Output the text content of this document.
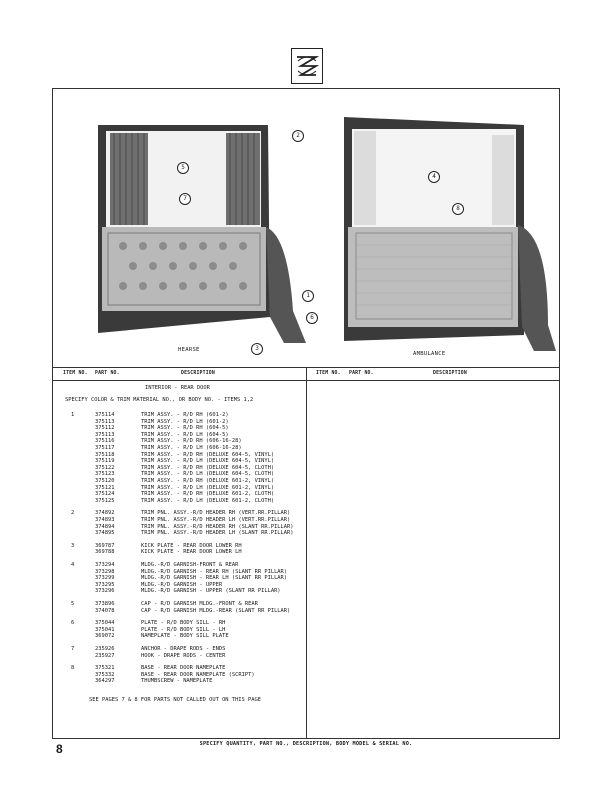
HEARSE
AMBULANCE
2
5
7
1
6
3
4
8
ITEM NO. PART NO.	DESCRIPTION	ITEM NO. PART NO.	DESCRIPTION
INTERIOR - REAR DOOR
SPECIFY COLOR & TRIM MATERIAL NO., OR BODY NO. - ITEMS 1,2
1	375114	TRIM ASSY. - R/D RH (601-2)
375113	TRIM ASSY. - R/D LH (601-2)
375112	TRIM ASSY. - R/D RH (604-5)
375113	TRIM ASSY. - R/D LH (604-5)
375116	TRIM ASSY. - R/D RH (606-16-28)
375117	TRIM ASSY. - R/D LH (606-16-28)
375118	TRIM ASSY. - R/D RH (DELUXE 604-5, VINYL)
375119	TRIM ASSY. - R/D LH (DELUXE 604-5, VINYL)
375122	TRIM ASSY. - R/D RH (DELUXE 604-5, CLOTH)
375123	TRIM ASSY. - R/D LH (DELUXE 604-5, CLOTH)
375120	TRIM ASSY. - R/D RH (DELUXE 601-2, VINYL)
375121	TRIM ASSY. - R/D LH (DELUXE 601-2, VINYL)
375124	TRIM ASSY. - R/D RH (DELUXE 601-2, CLOTH)
375125	TRIM ASSY. - R/D LH (DELUXE 601-2, CLOTH)
2	374892	TRIM PNL. ASSY.-R/D HEADER RH (VERT.RR.PILLAR)
374893	TRIM PNL. ASSY.-R/D HEADER LH (VERT.RR.PILLAR)
374894	TRIM PNL. ASSY.-R/D HEADER RH (SLANT RR.PILLAR)
374895	TRIM PNL. ASSY.-R/D HEADER LH (SLANT RR.PILLAR)
3	369787	KICK PLATE - REAR DOOR LOWER RH
369788	KICK PLATE - REAR DOOR LOWER LH
4	373294	MLDG.-R/D GARNISH-FRONT & REAR
373298	MLDG.-R/D GARNISH - REAR RH (SLANT RR PILLAR)
373299	MLDG.-R/D GARNISH - REAR LH (SLANT RR PILLAR)
373295	MLDG.-R/D GARNISH - UPPER
373296	MLDG.-R/D GARNISH - UPPER (SLANT RR PILLAR)
5	373896	CAP - R/D GARNISH MLDG.-FRONT & REAR
374078	CAP - R/D GARNISH MLDG.-REAR (SLANT RR PILLAR)
6	375044	PLATE - R/D BODY SILL - RH
375041	PLATE - R/D BODY SILL - LH
369072	NAMEPLATE - BODY SILL PLATE
7	235926	ANCHOR - DRAPE RODS - ENDS
235927	HOOK - DRAPE RODS - CENTER
8	375321	BASE - REAR DOOR NAMEPLATE
375332	BASE - REAR DOOR NAMEPLATE (SCRIPT)
364297	THUMBSCREW - NAMEPLATE
SEE PAGES 7 & 8 FOR PARTS NOT CALLED OUT ON THIS PAGE
SPECIFY QUANTITY, PART NO., DESCRIPTION, BODY MODEL & SERIAL NO.
8
